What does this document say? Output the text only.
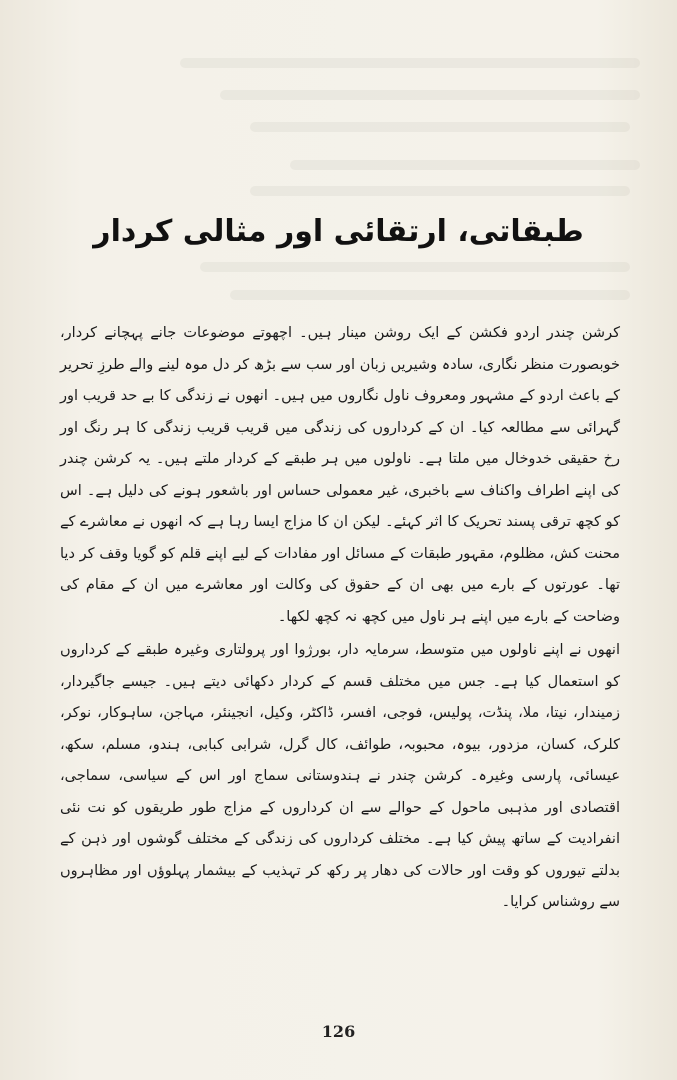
طبقاتی، ارتقائی اور مثالی کردار

کرشن چندر اردو فکشن کے ایک روشن مینار ہیں۔ اچھوتے موضوعات جانے پہچانے کردار، خوبصورت منظر نگاری، سادہ وشیریں زبان اور سب سے بڑھ کر دل موہ لینے والے طرزِ تحریر کے باعث اردو کے مشہور ومعروف ناول نگاروں میں ہیں۔ انھوں نے زندگی کا بے حد قریب اور گہرائی سے مطالعہ کیا۔ ان کے کرداروں کی زندگی میں قریب قریب زندگی کا ہر رنگ اور رخ حقیقی خدوخال میں ملتا ہے۔ ناولوں میں ہر طبقے کے کردار ملتے ہیں۔ یہ کرشن چندر کی اپنے اطراف واکناف سے باخبری، غیر معمولی حساس اور باشعور ہونے کی دلیل ہے۔ اس کو کچھ ترقی پسند تحریک کا اثر کہئے۔ لیکن ان کا مزاج ایسا رہا ہے کہ انھوں نے معاشرے کے محنت کش، مظلوم، مقہور طبقات کے مسائل اور مفادات کے لیے اپنے قلم کو گویا وقف کر دیا تھا۔ عورتوں کے بارے میں بھی ان کے حقوق کی وکالت اور معاشرے میں ان کے مقام کی وضاحت کے بارے میں اپنے ہر ناول میں کچھ نہ کچھ لکھا۔

انھوں نے اپنے ناولوں میں متوسط، سرمایہ دار، بورژوا اور پرولتاری وغیرہ طبقے کے کرداروں کو استعمال کیا ہے۔ جس میں مختلف قسم کے کردار دکھائی دیتے ہیں۔ جیسے جاگیردار، زمیندار، نیتا، ملا، پنڈت، پولیس، فوجی، افسر، ڈاکٹر، وکیل، انجینئر، مہاجن، ساہوکار، نوکر، کلرک، کسان، مزدور، بیوہ، محبوبہ، طوائف، کال گرل، شرابی کبابی، ہندو، مسلم، سکھ، عیسائی، پارسی وغیرہ۔ کرشن چندر نے ہندوستانی سماج اور اس کے سیاسی، سماجی، اقتصادی اور مذہبی ماحول کے حوالے سے ان کرداروں کے مزاج طور طریقوں کو نت نئی انفرادیت کے ساتھ پیش کیا ہے۔ مختلف کرداروں کی زندگی کے مختلف گوشوں اور ذہن کے بدلتے تیوروں کو وقت اور حالات کی دھار پر رکھ کر تہذیب کے بیشمار پہلوؤں اور مظاہروں سے روشناس کرایا۔

126
